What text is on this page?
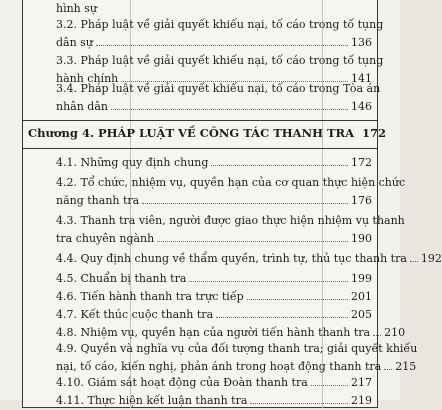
hình sự
3.2. Pháp luật về giải quyết khiếu nại, tố cáo trong tố tụng
dân sự	136
3.3. Pháp luật về giải quyết khiếu nại, tố cáo trong tố tụng
hành chính	141
3.4. Pháp luật về giải quyết khiếu nại, tố cáo trong Tòa án
nhân dân	146
Chương 4. PHÁP LUẬT VỀ CÔNG TÁC THANH TRA 172
4.1. Những quy định chung	172
4.2. Tổ chức, nhiệm vụ, quyền hạn của cơ quan thực hiện chức
năng thanh tra	176
4.3. Thanh tra viên, người được giao thực hiện nhiệm vụ thanh
tra chuyên ngành	190
4.4. Quy định chung về thẩm quyền, trình tự, thủ tục thanh tra 192
4.5. Chuẩn bị thanh tra	199
4.6. Tiến hành thanh tra trực tiếp	201
4.7. Kết thúc cuộc thanh tra	205
4.8. Nhiệm vụ, quyền hạn của người tiến hành thanh tra 210
4.9. Quyền và nghĩa vụ của đối tượng thanh tra; giải quyết khiếu
nại, tố cáo, kiến nghị, phản ánh trong hoạt động thanh tra 215
4.10. Giám sát hoạt động của Đoàn thanh tra	217
4.11. Thực hiện kết luận thanh tra	219
